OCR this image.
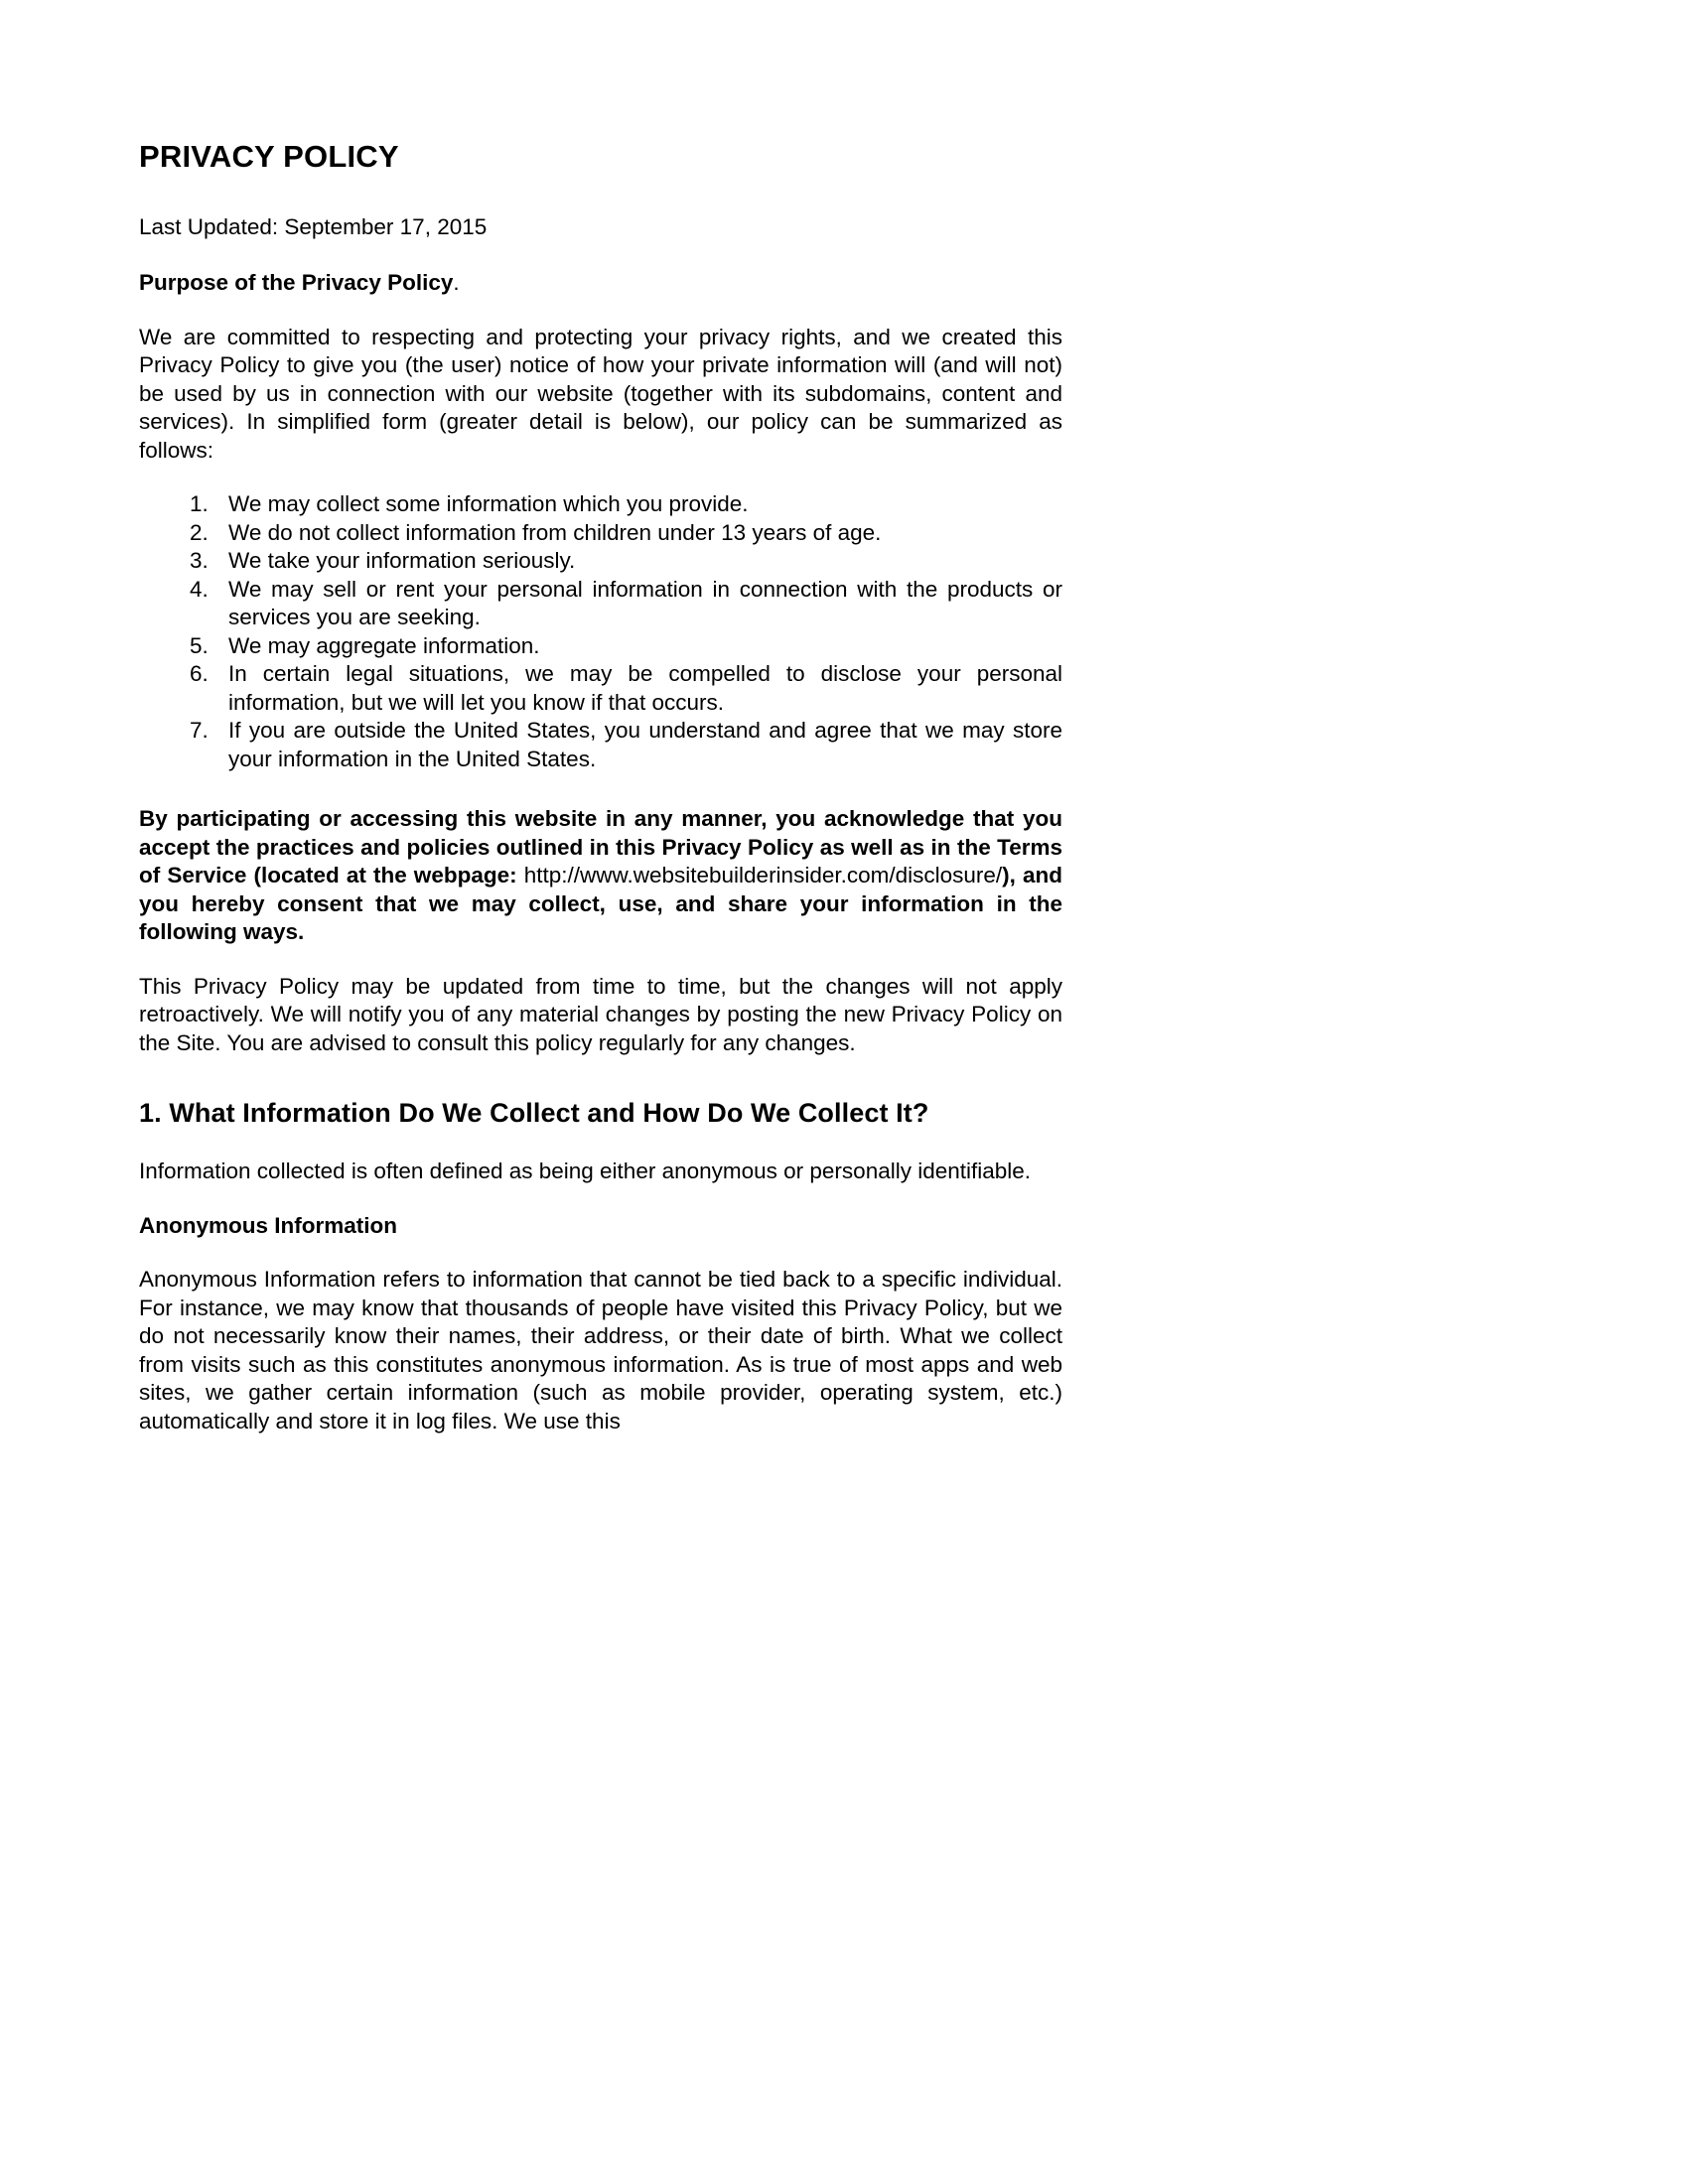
PRIVACY POLICY

Last Updated: September 17, 2015

Purpose of the Privacy Policy.

We are committed to respecting and protecting your privacy rights, and we created this Privacy Policy to give you (the user) notice of how your private information will (and will not) be used by us in connection with our website (together with its subdomains, content and services). In simplified form (greater detail is below), our policy can be summarized as follows:

1. We may collect some information which you provide.
2. We do not collect information from children under 13 years of age.
3. We take your information seriously.
4. We may sell or rent your personal information in connection with the products or services you are seeking.
5. We may aggregate information.
6. In certain legal situations, we may be compelled to disclose your personal information, but we will let you know if that occurs.
7. If you are outside the United States, you understand and agree that we may store your information in the United States.

By participating or accessing this website in any manner, you acknowledge that you accept the practices and policies outlined in this Privacy Policy as well as in the Terms of Service (located at the webpage: http://www.websitebuilderinsider.com/disclosure/), and you hereby consent that we may collect, use, and share your information in the following ways.

This Privacy Policy may be updated from time to time, but the changes will not apply retroactively. We will notify you of any material changes by posting the new Privacy Policy on the Site. You are advised to consult this policy regularly for any changes.

1. What Information Do We Collect and How Do We Collect It?

Information collected is often defined as being either anonymous or personally identifiable.

Anonymous Information

Anonymous Information refers to information that cannot be tied back to a specific individual. For instance, we may know that thousands of people have visited this Privacy Policy, but we do not necessarily know their names, their address, or their date of birth. What we collect from visits such as this constitutes anonymous information. As is true of most apps and web sites, we gather certain information (such as mobile provider, operating system, etc.) automatically and store it in log files. We use this
